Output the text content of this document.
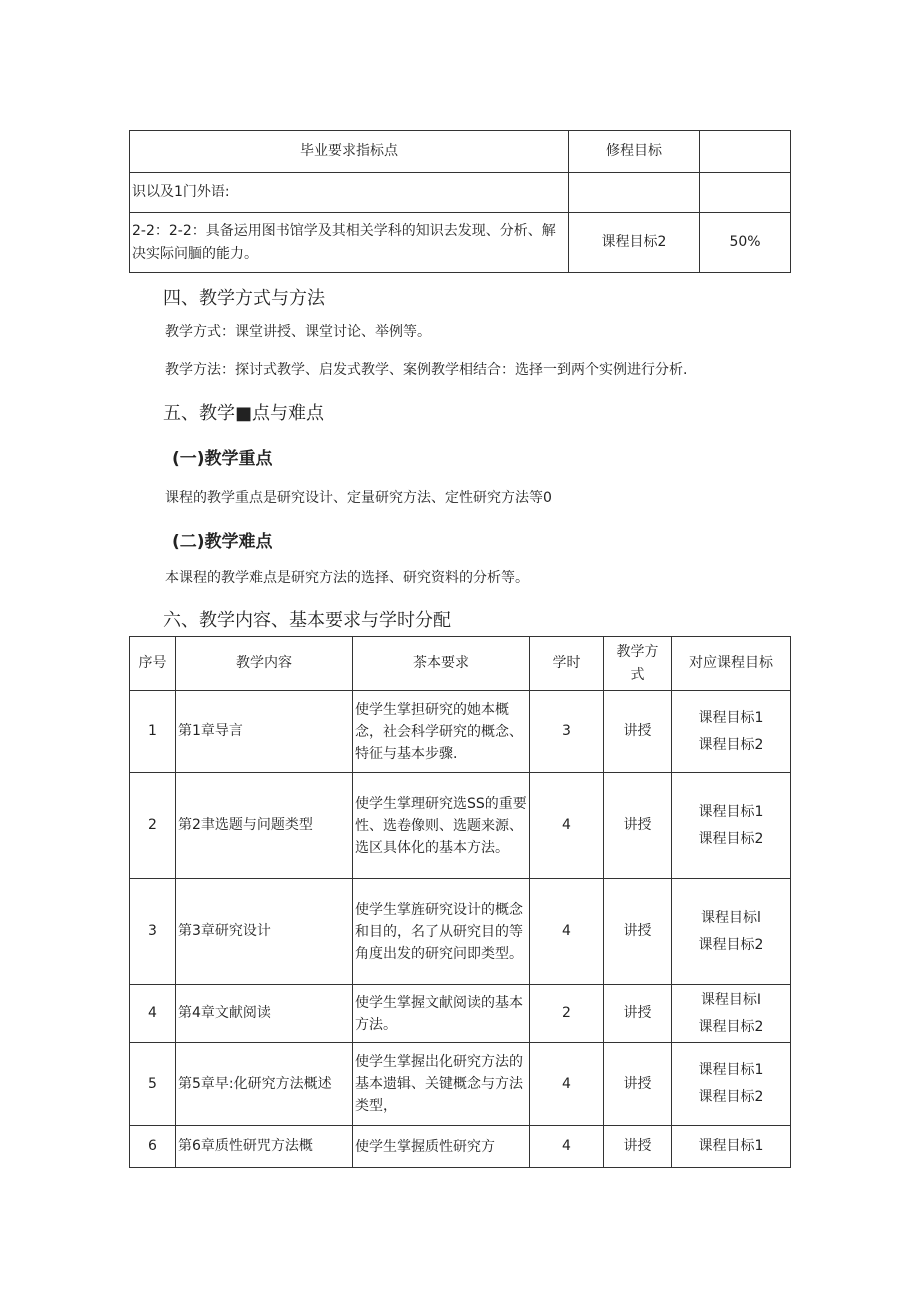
毕业要求指标点	修程目标	
识以及1门外语:		
2-2：2-2：具备运用图书馆学及其相关学科的知识去发现、分析、解决实际问腼的能力。	课程目标2	50%
四、教学方式与方法

教学方式：课堂讲授、课堂讨论、举例等。

教学方法：探讨式教学、启发式教学、案例教学相结合：选择一到两个实例进行分析.

五、教学■点与难点
(一)教学重点

课程的教学重点是研究设计、定量研究方法、定性研究方法等0

(二)教学难点

本课程的教学难点是研究方法的选择、研究资料的分析等。

六、教学内容、基本要求与学时分配
序号	教学内容	茶本要求	学时	教学方式	对应课程目标
1	第1章导言	使学生掌担研究的她本概念，社会科学研究的概念、特征与基本步骤.	3	讲授	课程目标1
课程目标2

2	第2聿选题与问题类型	使学生掌理研究选SS的重要性、选卷像则、选题来源、选区具体化的基本方法。	4	讲授	课程目标1
课程目标2

3	第3章研究设计	使学生掌旌研究设计的概念和目的，名了从研究目的等角度出发的研究问即类型。	4	讲授	课程目标l
课程目标2

4	第4章文献阅读	使学生掌握文献阅读的基本方法。	2	讲授	课程目标I
课程目标2

5	第5章早:化研究方法概述	使学生掌握岀化研究方法的基本遗辑、关键概念与方法类型，	4	讲授	课程目标1
课程目标2

6	第6章质性研咒方法概	使学生掌握质性研究方	4	讲授	课程目标1
